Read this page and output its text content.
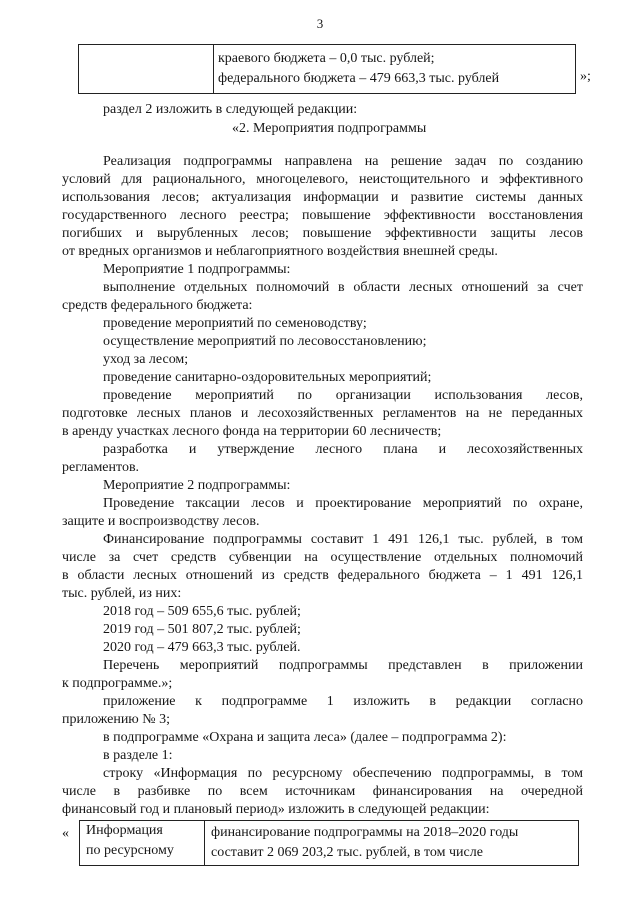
3
краевого бюджета – 0,0 тыс. рублей;
федерального бюджета – 479 663,3 тыс. рублей	»;
раздел 2 изложить в следующей редакции:
«2. Мероприятия подпрограммы
Реализация подпрограммы направлена на решение задач по созданию
условий для рационального, многоцелевого, неистощительного и эффективного
использования лесов; актуализация информации и развитие системы данных
государственного лесного реестра; повышение эффективности восстановления
погибших и вырубленных лесов; повышение эффективности защиты лесов
от вредных организмов и неблагоприятного воздействия внешней среды.
Мероприятие 1 подпрограммы:
выполнение отдельных полномочий в области лесных отношений за счет
средств федерального бюджета:
проведение мероприятий по семеноводству;
осуществление мероприятий по лесовосстановлению;
уход за лесом;
проведение санитарно-оздоровительных мероприятий;
проведение мероприятий по организации использования лесов,
подготовке лесных планов и лесохозяйственных регламентов на не переданных
в аренду участках лесного фонда на территории 60 лесничеств;
разработка и утверждение лесного плана и лесохозяйственных
регламентов.
Мероприятие 2 подпрограммы:
Проведение таксации лесов и проектирование мероприятий по охране,
защите и воспроизводству лесов.
Финансирование подпрограммы составит 1 491 126,1 тыс. рублей, в том
числе за счет средств субвенции на осуществление отдельных полномочий
в области лесных отношений из средств федерального бюджета – 1 491 126,1
тыс. рублей, из них:
2018 год – 509 655,6 тыс. рублей;
2019 год – 501 807,2 тыс. рублей;
2020 год – 479 663,3 тыс. рублей.
Перечень мероприятий подпрограммы представлен в приложении
к подпрограмме.»;
приложение к подпрограмме 1 изложить в редакции согласно
приложению № 3;
в подпрограмме «Охрана и защита леса» (далее – подпрограмма 2):
в разделе 1:
строку «Информация по ресурсному обеспечению подпрограммы, в том
числе в разбивке по всем источникам финансирования на очередной
финансовый год и плановый период» изложить в следующей редакции:
«	Информация
по ресурсному
финансирование подпрограммы на 2018–2020 годы
составит 2 069 203,2 тыс. рублей, в том числе
